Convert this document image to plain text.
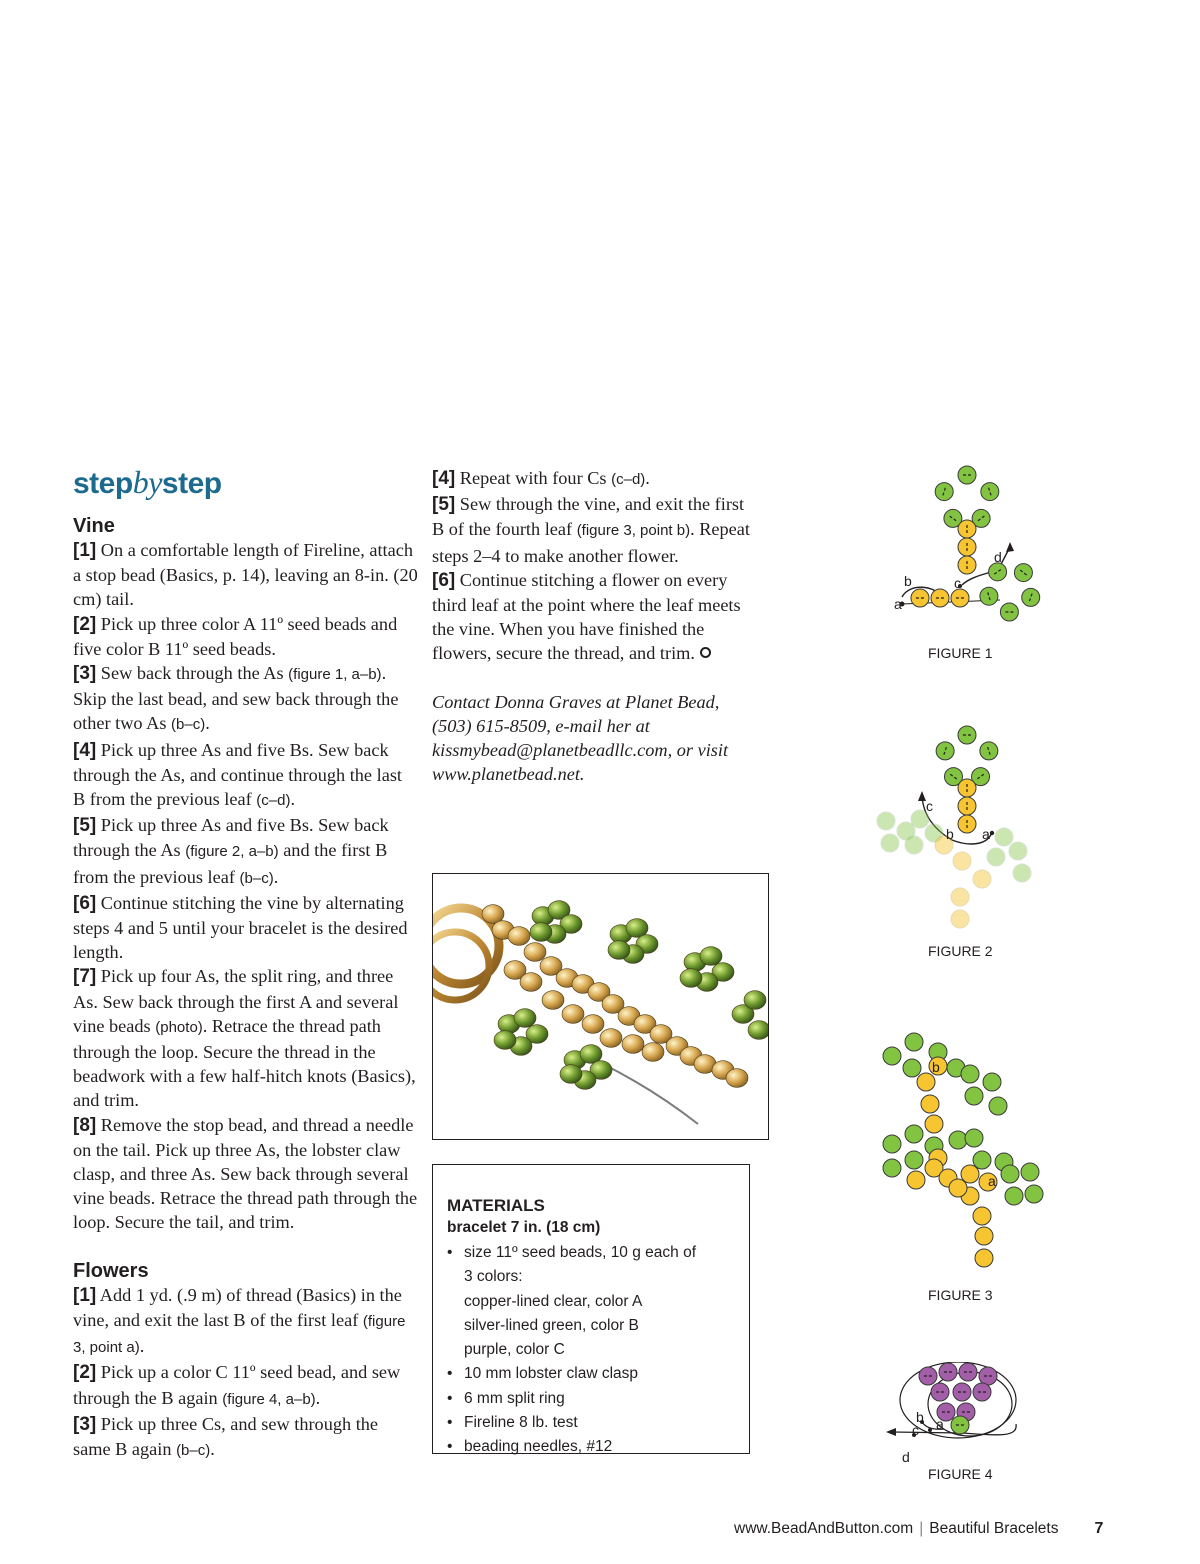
stepbystep
Vine

[1] On a comfortable length of Fireline, attach a stop bead (Basics, p. 14), leaving an 8-in. (20 cm) tail.

[2] Pick up three color A 11º seed beads and five color B 11º seed beads.

[3] Sew back through the As (figure 1, a–b). Skip the last bead, and sew back through the other two As (b–c).

[4] Pick up three As and five Bs. Sew back through the As, and continue through the last B from the previous leaf (c–d).

[5] Pick up three As and five Bs. Sew back through the As (figure 2, a–b) and the first B from the previous leaf (b–c).

[6] Continue stitching the vine by alternating steps 4 and 5 until your bracelet is the desired length.

[7] Pick up four As, the split ring, and three As. Sew back through the first A and several vine beads (photo). Retrace the thread path through the loop. Secure the thread in the beadwork with a few half-hitch knots (Basics), and trim.

[8] Remove the stop bead, and thread a needle on the tail. Pick up three As, the lobster claw clasp, and three As. Sew back through several vine beads. Retrace the thread path through the loop. Secure the tail, and trim.

Flowers

[1] Add 1 yd. (.9 m) of thread (Basics) in the vine, and exit the last B of the first leaf (figure 3, point a).

[2] Pick up a color C 11º seed bead, and sew through the B again (figure 4, a–b).

[3] Pick up three Cs, and sew through the same B again (b–c).

[4] Repeat with four Cs (c–d).

[5] Sew through the vine, and exit the first B of the fourth leaf (figure 3, point b). Repeat steps 2–4 to make another flower.

[6] Continue stitching a flower on every third leaf at the point where the leaf meets the vine. When you have finished the flowers, secure the thread, and trim.

Contact Donna Graves at Planet Bead, (503) 615-8509, e-mail her at kissmybead@planetbeadllc.com, or visit www.planetbead.net.

MATERIALS
bracelet 7 in. (18 cm)
• size 11º seed beads, 10 g each of
3 colors:
copper-lined clear, color A
silver-lined green, color B
purple, color C
• 10 mm lobster claw clasp
• 6 mm split ring
• Fireline 8 lb. test
• beading needles, #12
b
a
c
d
FIGURE 1
c
b a
FIGURE 2
b
a
FIGURE 3
b a
c
d
FIGURE 4
www.BeadAndButton.com | Beautiful Bracelets 7
